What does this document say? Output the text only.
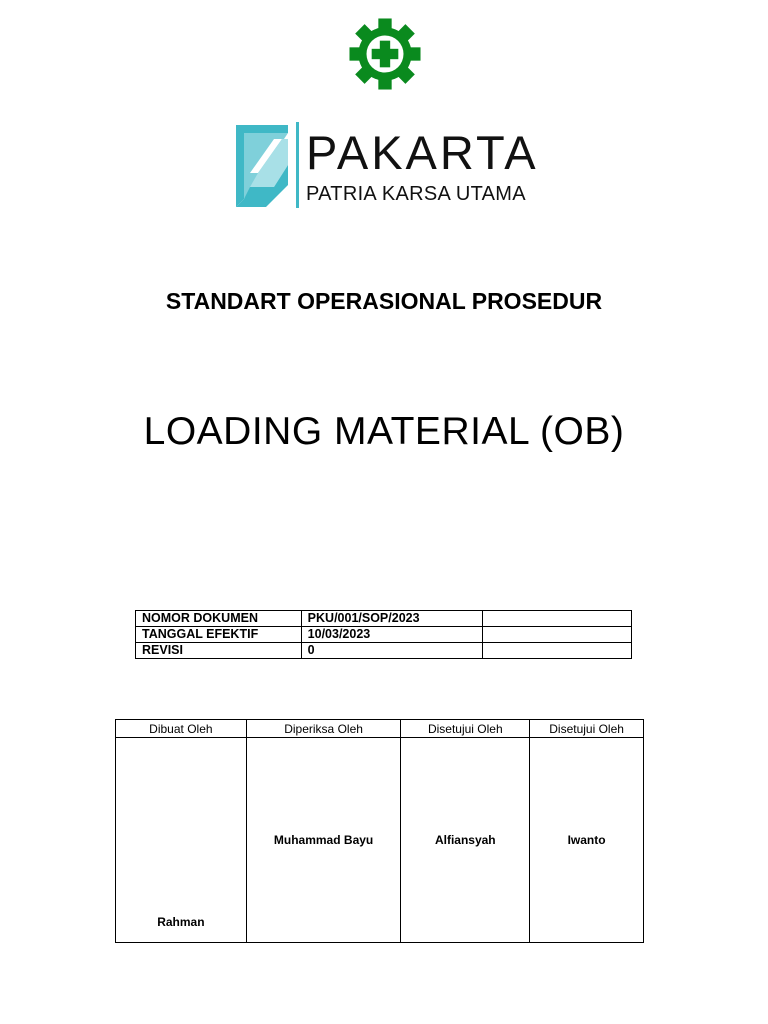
PAKARTA
PATRIA KARSA UTAMA
STANDART OPERASIONAL PROSEDUR
LOADING MATERIAL (OB)
NOMOR DOKUMEN	PKU/001/SOP/2023	
TANGGAL EFEKTIF	10/03/2023	
REVISI	0	
Dibuat Oleh	Diperiksa Oleh	Disetujui Oleh	Disetujui Oleh
Rahman	Muhammad Bayu	Alfiansyah	Iwanto
